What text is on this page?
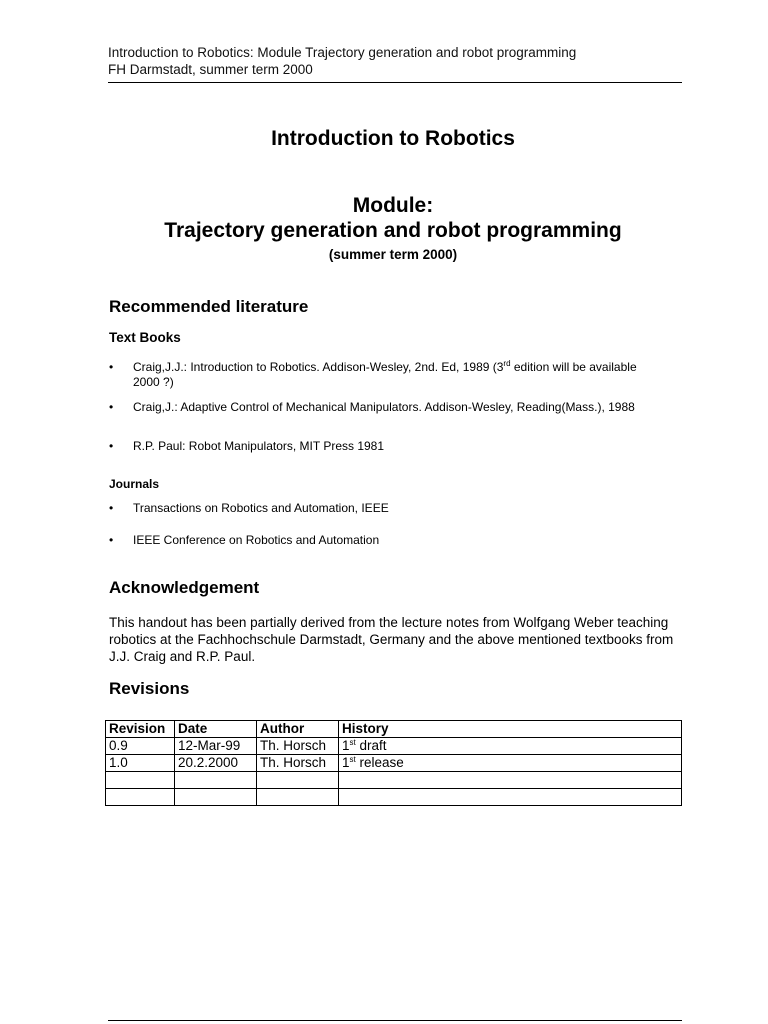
Introduction to Robotics: Module Trajectory generation and robot programming
FH Darmstadt, summer term 2000
Introduction to Robotics
Module:
Trajectory generation and robot programming
(summer term 2000)
Recommended literature
Text Books
• Craig,J.J.: Introduction to Robotics. Addison-Wesley, 2nd. Ed, 1989 (3rd edition will be available 2000 ?)
• Craig,J.: Adaptive Control of Mechanical Manipulators. Addison-Wesley, Reading(Mass.), 1988
• R.P. Paul: Robot Manipulators, MIT Press 1981
Journals
• Transactions on Robotics and Automation, IEEE
• IEEE Conference on Robotics and Automation
Acknowledgement
This handout has been partially derived from the lecture notes from Wolfgang Weber teaching robotics at the Fachhochschule Darmstadt, Germany and the above mentioned textbooks from J.J. Craig and R.P. Paul.
Revisions
Revision	Date	Author	History
0.9	12-Mar-99	Th. Horsch	1st draft
1.0	20.2.2000	Th. Horsch	1st release
